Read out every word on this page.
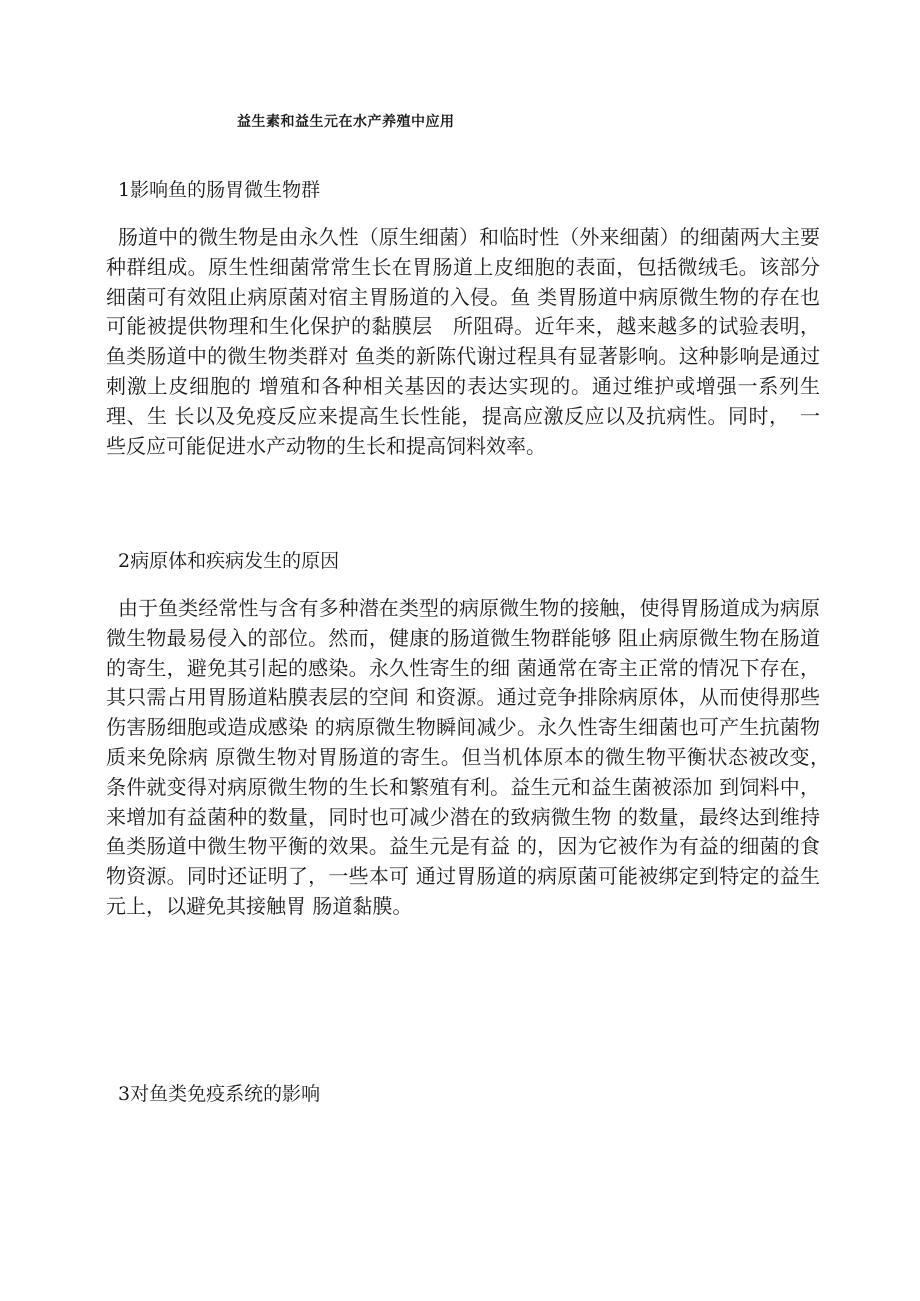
益生素和益生元在水产养殖中应用
1影响鱼的肠胃微生物群
肠道中的微生物是由永久性（原生细菌）和临时性（外来细菌）的细菌两大主要种群组成。原生性细菌常常生长在胃肠道上皮细胞的表面，包括微绒毛。该部分细菌可有效阻止病原菌对宿主胃肠道的入侵。鱼 类胃肠道中病原微生物的存在也可能被提供物理和生化保护的黏膜层　所阻碍。近年来，越来越多的试验表明，鱼类肠道中的微生物类群对 鱼类的新陈代谢过程具有显著影响。这种影响是通过刺激上皮细胞的 增殖和各种相关基因的表达实现的。通过维护或增强一系列生理、生 长以及免疫反应来提高生长性能，提高应激反应以及抗病性。同时，　一些反应可能促进水产动物的生长和提高饲料效率。
2病原体和疾病发生的原因
由于鱼类经常性与含有多种潜在类型的病原微生物的接触，使得胃肠道成为病原微生物最易侵入的部位。然而，健康的肠道微生物群能够 阻止病原微生物在肠道的寄生，避免其引起的感染。永久性寄生的细 菌通常在寄主正常的情况下存在，其只需占用胃肠道粘膜表层的空间 和资源。通过竞争排除病原体，从而使得那些伤害肠细胞或造成感染 的病原微生物瞬间减少。永久性寄生细菌也可产生抗菌物质来免除病 原微生物对胃肠道的寄生。但当机体原本的微生物平衡状态被改变，　条件就变得对病原微生物的生长和繁殖有利。益生元和益生菌被添加 到饲料中，来增加有益菌种的数量，同时也可减少潜在的致病微生物 的数量，最终达到维持鱼类肠道中微生物平衡的效果。益生元是有益 的，因为它被作为有益的细菌的食物资源。同时还证明了，一些本可 通过胃肠道的病原菌可能被绑定到特定的益生元上，以避免其接触胃 肠道黏膜。
3对鱼类免疫系统的影响
